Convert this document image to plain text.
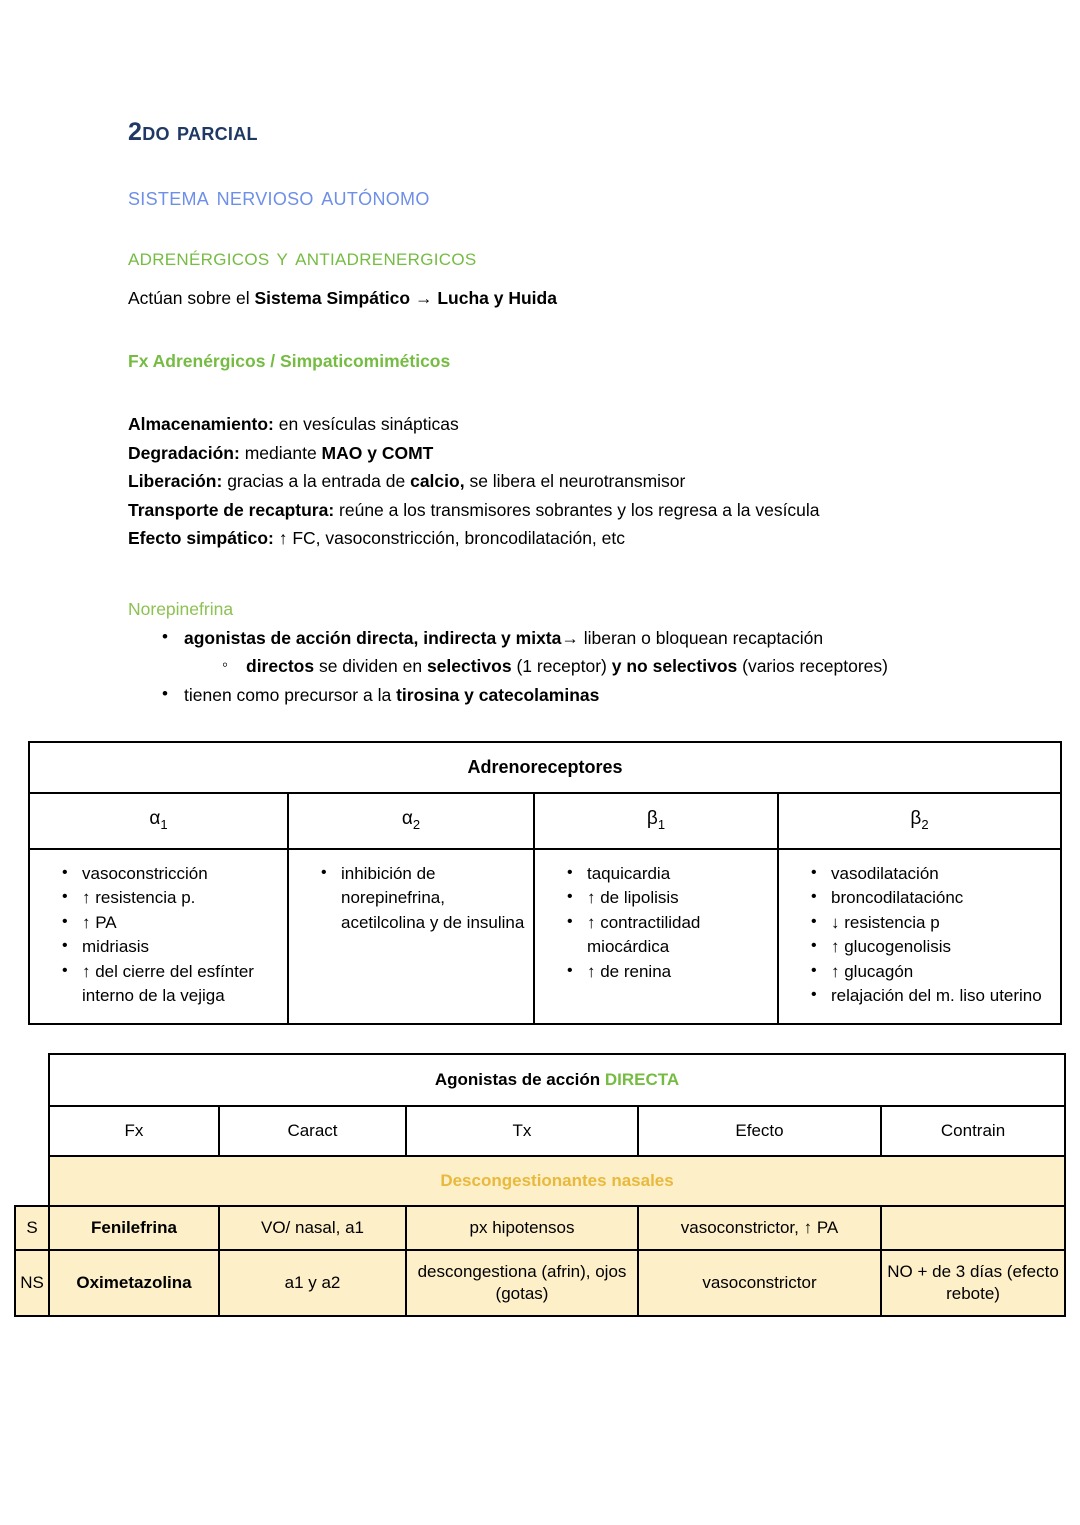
2do parcial
sistema nervioso autónomo
adrenérgicos y antiadrenergicos

Actúan sobre el Sistema Simpático → Lucha y Huida

Fx Adrenérgicos / Simpaticomiméticos

Almacenamiento: en vesículas sinápticas

Degradación: mediante MAO y COMT

Liberación: gracias a la entrada de calcio, se libera el neurotransmisor

Transporte de recaptura: reúne a los transmisores sobrantes y los regresa a la vesícula

Efecto simpático: ↑ FC, vasoconstricción, broncodilatación, etc

Norepinefrina
• agonistas de acción directa, indirecta y mixta→ liberan o bloquean recaptación
◦ directos se dividen en selectivos (1 receptor) y no selectivos (varios receptores)
• tienen como precursor a la tirosina y catecolaminas
Adrenoreceptores			
$\alpha_1$	$\alpha_2$	$\beta_1$	$\beta_2$

• vasoconstricción
• ↑ resistencia p.
• ↑ PA
• midriasis
• ↑ del cierre del esfínter interno de la vejiga

• inhibición de norepinefrina, acetilcolina y de insulina

• taquicardia
• ↑ de lipolisis
• ↑ contractilidad miocárdica
• ↑ de renina

• vasodilatación
• broncodilataciónc
• ↓ resistencia p
• ↑ glucogenolisis
• ↑ glucagón
• relajación del m. liso uterino
	Agonistas de acción DIRECTA				
	Fx	Caract	Tx	Efecto	Contrain
	Descongestionantes nasales				
S	Fenilefrina	VO/ nasal, a1	px hipotensos	vasoconstrictor, ↑ PA	
NS	Oximetazolina	a1 y a2	descongestiona (afrin), ojos (gotas)	vasoconstrictor	NO + de 3 días (efecto rebote)
